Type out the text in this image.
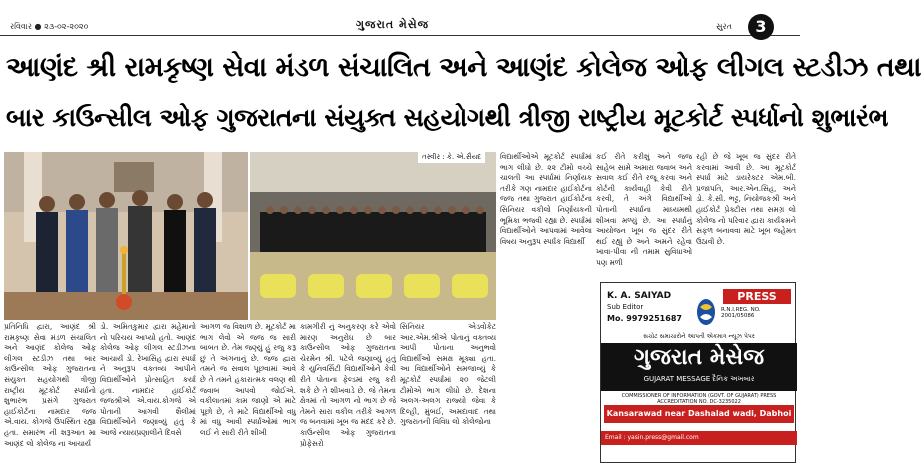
રવિવાર ● ૨૩-૦૨-૨૦૨૦	ગુજરાત મેસેજ	સુરત	3
આણંદ શ્રી રામકૃષ્ણ સેવા મંડળ સંચાલિત અને આણંદ કોલેજ ઓફ લીગલ સ્ટડીઝ તથા
બાર કાઉન્સીલ ઓફ ગુજરાતના સંયુક્ત સહયોગથી ત્રીજી રાષ્ટ્રીય મૂટકોર્ટ સ્પર્ધાનો શુભારંભ
તસ્વીર : કે. એ.સૈયદ
પ્રતિનિધિ દ્વારા, આણંદ શ્રી રામકૃષ્ણ સેવા મંડળ સંચાલિત અને આણંદ કોલેજ ઓફ લીગલ સ્ટડીઝ તથા બાર કાઉન્સીલ ઓફ ગુજરાતના સંયુક્ત સહયોગથી ત્રીજી રાષ્ટ્રીય મૂટકોર્ટ સ્પર્ધાનો શુભારંભ પ્રસંગે ગુજરાત હાઈકોર્ટના નામદાર જજ એ.વાય. કોગજે ઉપસ્થિત રહ્યા હતા. સમારંભ ની શરૂઆત મા આણંદ લો કોલેજ ના આચાર્ય
ડો. અમિતકુમાર દ્વારા મહેમાનો નો પરિચય આપ્યો હતો. આણંદ કોલેજ ઓફ લીગલ સ્ટડીઝના આચાર્ય ડો. રેખાસિંહ દ્વારા સ્પર્ધા ને અનુરૂપ વક્તવ્ય આપીને વિદ્યાર્થીઓને પ્રોત્સાહિત કર્યા હતા. નામદાર હાઈકોર્ટ જજશ્રીએ એ.વાય.કોગજે એ પોતાની આગવી શૈલીમાં વિદ્યાર્થીઓને જણાવ્યું હતું કે આજે ન્યાયપ્રણાલીને દિવસે
આગળ જ વિશાળ છે. મૂટકોર્ટ મા ભાગ લેવો એ જજ જ સારી બાબત છે. તેમ જણ્યું હું રજુ કરૂ છું તે અંગનાનું છે. જજ દ્વારા તમને જ સવાલ પૂછવામાં આવે છે તે તમને હકારાત્મક વલણ થી જવાબ આપવો જોઈએ. વકીલાતમાં કામ જાણો એ માટે પૂછો છે, તે માટે વિદ્યાર્થીઓ વધુ માં વધુ આવી સ્પર્ધાઓમાં ભાગ લઈ ને સારી રીતે શીખી
કામગીરી નું અનુકરણ કરે એવો મારણ અનુરોધ છે બાર કાઉન્સીલ ઓફ ગુજરાતના ચેરમેન શ્રી. પટેલે જણાવ્યું હતું કે યુનિવર્સિટી વિદ્યાર્થીઓને કેવી રીતે પોતાના ફેલ્ડમાં રજુ કરી શકે છે તે શીખવાડે છે. જે તેમના ક્ષેત્રમાં તો આગળ નો ભાગ છે જે તેમને સારા વકીલ તરીકે આગળ જ બનવામાં ખૂબ જ મદદ કરે છે. કાઉન્સીલ ઓફ ગુજરાતના પ્રોફેસરો
સિનિયર એડવોકેટ આર.એમ.શ્રીએ પોતાનું વક્તવ્ય આપી પોતાના અનુભવો વિદ્યાર્થીઓ સમક્ષ મૂક્યા હતા. આ વિદ્યાર્થીઓને સમજાવ્યું કે મૂટકોર્ટ સ્પર્ધામાં ૨૦ જેટલી ટીમોએ ભાગ લીધો છે. દેશના અલગ-અલગ રાજ્યો જેવા કે દિલ્હી, મુંબઈ, અમદાવાદ તથા ગુજરાતની વિવિધ લો કોલેજોના
વિદ્યાર્થીઓએ મૂટકોર્ટ સ્પર્ધામાં ભાગ લીધો છે. ૨૨ ટીમો વચ્ચે ચાલતી આ સ્પર્ધામાં નિર્ણાયક તરીકે ગણ નામદાર હાઈકોર્ટના જજ તથા ગુજરાત હાઈકોર્ટના સિનિયર વકીલો નિર્ણાયકની ભૂમિકા ભજવી રહ્યા છે. સ્પર્ધામાં વિદ્યાર્થીઓને આપવામાં આવેલા વિષય અનુરૂપ સ્પર્ધક વિદ્યાર્થી
કઈ રીતે કરીશું અને જજ સાહેબ સામે અમારા જવાબ અને સવાલ કઈ રીતે રજૂ કરવા અને કોર્ટની કાર્યવાહી કેવી રીતે કરવી, તે અંગે વિદ્યાર્થીઓ પોતાની સ્પર્ધાના માધ્યમથી શીખવા મળ્યું છે. આ સ્પર્ધાનું આયોજન ખૂબ જ સુંદર રીતે થઈ રહ્યું છે અને અમને રહેવા ખાવા-પીવા ની તમામ સુવિધાઓ પણ મળી
રહી છે જે ખૂબ જ સુંદર રીતે કરવામાં આવી છે. આ મૂટકોર્ટ સ્પર્ધા માટે ડાયરેક્ટર એમ.બી. પ્રજાપતિ, આર.એન.સિંહ, અને ડો. કે.સી. ભટ્ટ, નિયોજકશ્રી અને હાઈકોર્ટ પ્રેક્ટીસ તથા સમગ્ર લો કોલેજ નો પરિવાર દ્વારા કાર્યક્રમને સફળ બનાવવા માટે ખૂબ જહેમત ઉઠાવી છે.
K. A. SAIYAD
Sub Editor
Mo. 9979251687
PRESS
R.N.I.REG. NO. 2001/05086
સચોટ સમાચારોને આપતી એકમાત્ર ન્યૂઝ પેપર
ગુજરાત મેસેજ
GUJARAT MESSAGE દૈનિક અખબાર
COMMISSIONER OF INFORMATION (GOVT. OF GUJARAT) PRESS ACCREDITATION NO. DC-3235022
Kansarawad near Dashalad wadi, Dabhoi
Email : yasin.press@gmail.com gujaratmessage@gmail.com
